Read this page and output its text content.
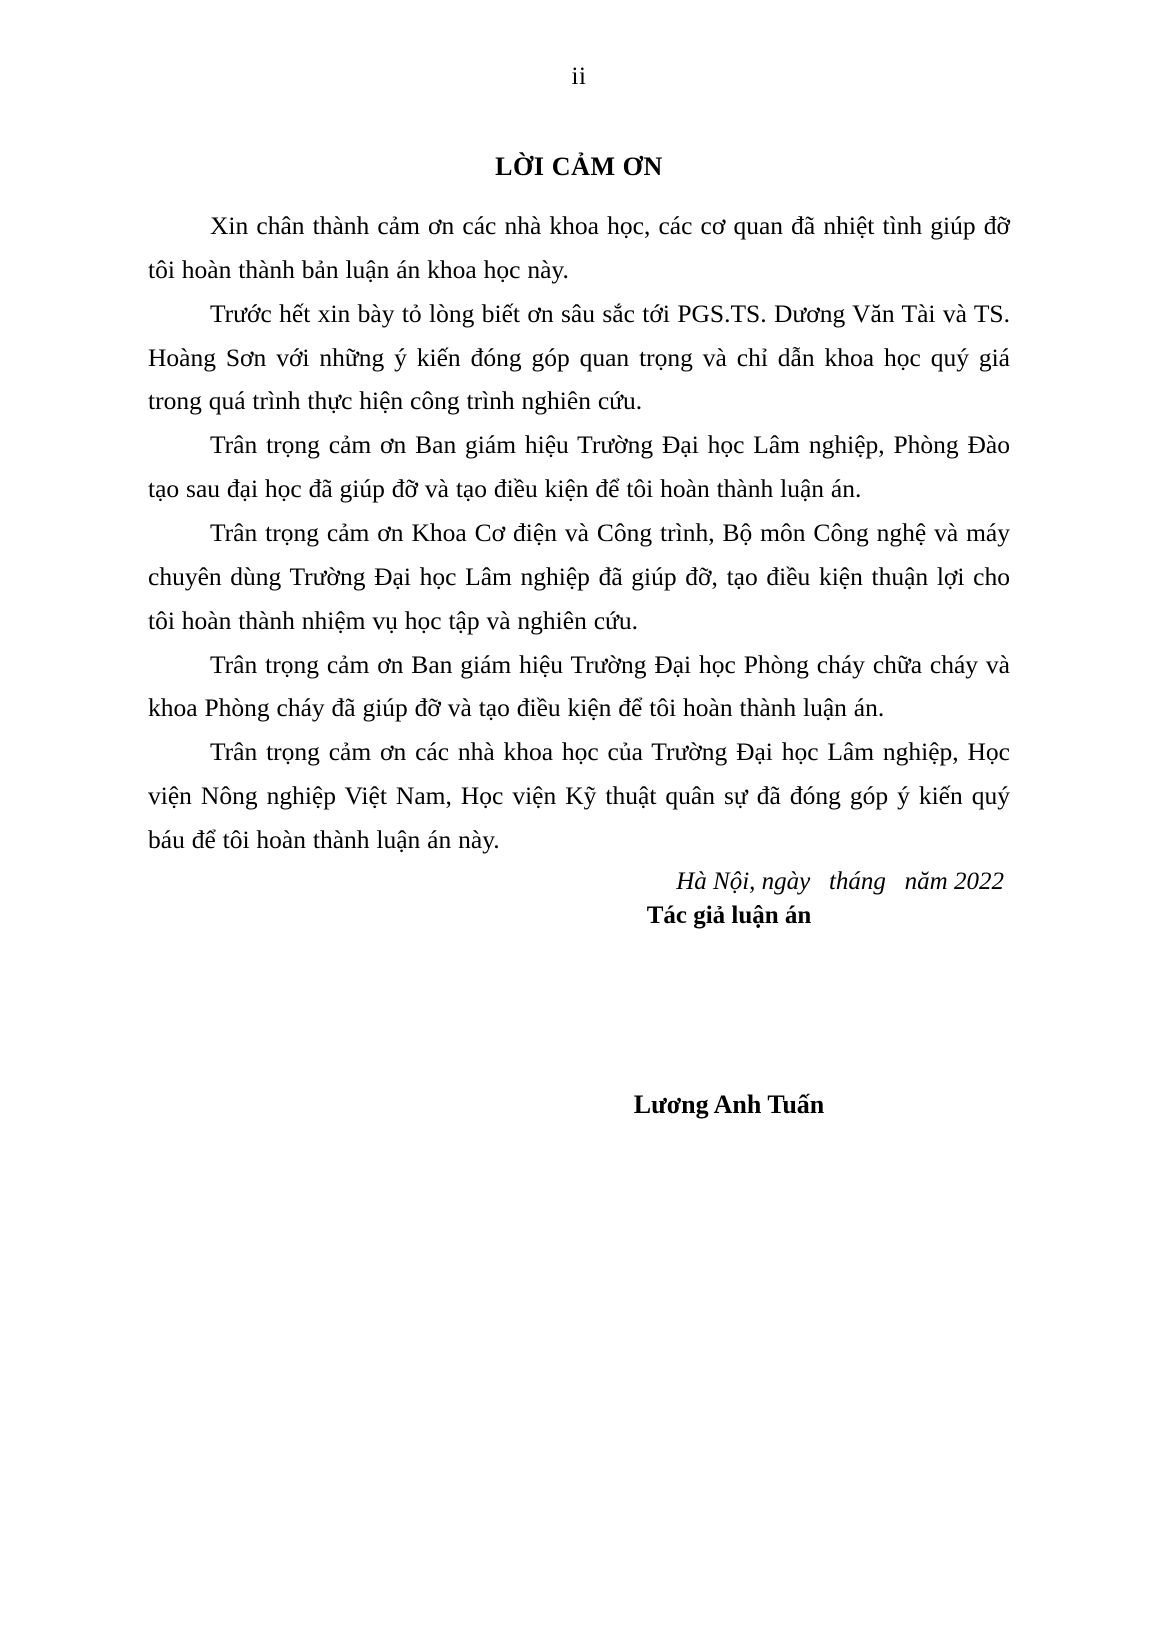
ii
LỜI CẢM ƠN

Xin chân thành cảm ơn các nhà khoa học, các cơ quan đã nhiệt tình giúp đỡ tôi hoàn thành bản luận án khoa học này.

Trước hết xin bày tỏ lòng biết ơn sâu sắc tới PGS.TS. Dương Văn Tài và TS. Hoàng Sơn với những ý kiến đóng góp quan trọng và chỉ dẫn khoa học quý giá trong quá trình thực hiện công trình nghiên cứu.

Trân trọng cảm ơn Ban giám hiệu Trường Đại học Lâm nghiệp, Phòng Đào tạo sau đại học đã giúp đỡ và tạo điều kiện để tôi hoàn thành luận án.

Trân trọng cảm ơn Khoa Cơ điện và Công trình, Bộ môn Công nghệ và máy chuyên dùng Trường Đại học Lâm nghiệp đã giúp đỡ, tạo điều kiện thuận lợi cho tôi hoàn thành nhiệm vụ học tập và nghiên cứu.

Trân trọng cảm ơn Ban giám hiệu Trường Đại học Phòng cháy chữa cháy và khoa Phòng cháy đã giúp đỡ và tạo điều kiện để tôi hoàn thành luận án.

Trân trọng cảm ơn các nhà khoa học của Trường Đại học Lâm nghiệp, Học viện Nông nghiệp Việt Nam, Học viện Kỹ thuật quân sự đã đóng góp ý kiến quý báu để tôi hoàn thành luận án này.

Hà Nội, ngày   tháng   năm 2022

Tác giả luận án

Lương Anh Tuấn
